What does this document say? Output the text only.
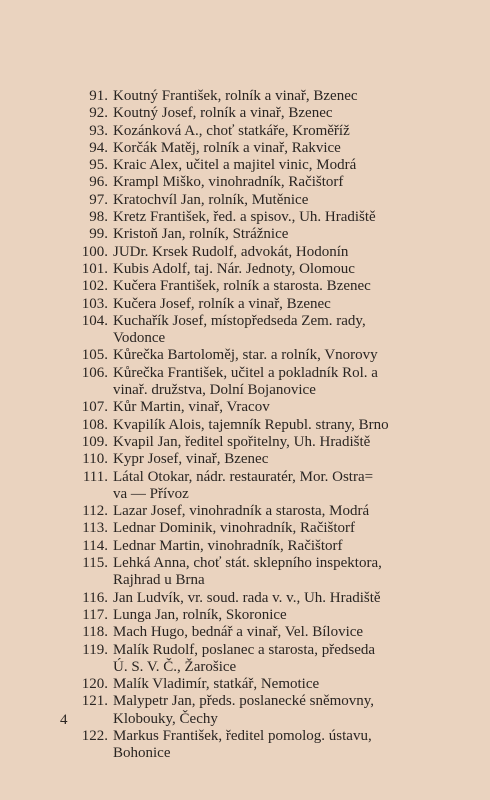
91. Koutný František, rolník a vinař, Bzenec
92. Koutný Josef, rolník a vinař, Bzenec
93. Kozánková A., choť statkáře, Kroměříž
94. Korčák Matěj, rolník a vinař, Rakvice
95. Kraic Alex, učitel a majitel vinic, Modrá
96. Krampl Miško, vinohradník, Račištorf
97. Kratochvíl Jan, rolník, Mutěnice
98. Kretz František, řed. a spisov., Uh. Hradiště
99. Kristoň Jan, rolník, Strážnice
100. JUDr. Krsek Rudolf, advokát, Hodonín
101. Kubis Adolf, taj. Nár. Jednoty, Olomouc
102. Kučera František, rolník a starosta. Bzenec
103. Kučera Josef, rolník a vinař, Bzenec
104. Kuchařík Josef, místopředseda Zem. rady,
Vodonce
105. Kůrečka Bartoloměj, star. a rolník, Vnorovy
106. Kůrečka František, učitel a pokladník Rol. a
vinař. družstva, Dolní Bojanovice
107. Kůr Martin, vinař, Vracov
108. Kvapilík Alois, tajemník Republ. strany, Brno
109. Kvapil Jan, ředitel spořitelny, Uh. Hradiště
110. Kypr Josef, vinař, Bzenec
111. Látal Otokar, nádr. restauratér, Mor. Ostra=
va — Přívoz
112. Lazar Josef, vinohradník a starosta, Modrá
113. Lednar Dominik, vinohradník, Račištorf
114. Lednar Martin, vinohradník, Račištorf
115. Lehká Anna, choť stát. sklepního inspektora,
Rajhrad u Brna
116. Jan Ludvík, vr. soud. rada v. v., Uh. Hradiště
117. Lunga Jan, rolník, Skoronice
118. Mach Hugo, bednář a vinař, Vel. Bílovice
119. Malík Rudolf, poslanec a starosta, předseda
Ú. S. V. Č., Žarošice
120. Malík Vladimír, statkář, Nemotice
121. Malypetr Jan, předs. poslanecké sněmovny,
Klobouky, Čechy
122. Markus František, ředitel pomolog. ústavu,
Bohonice
4
